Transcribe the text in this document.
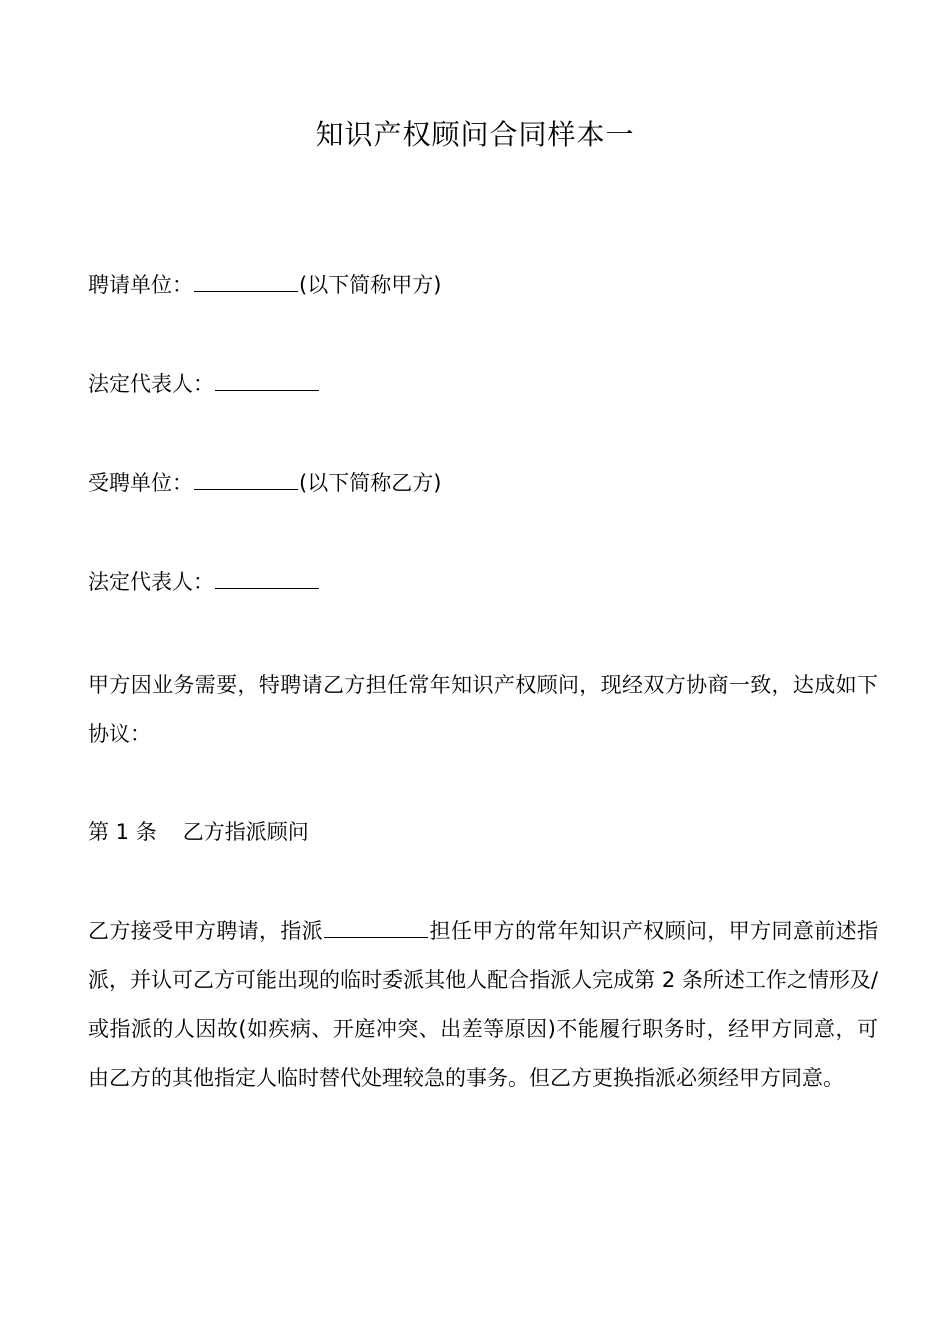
知识产权顾问合同样本一
聘请单位：	(以下简称甲方)
法定代表人：
受聘单位：	(以下简称乙方)
法定代表人：
甲方因业务需要，特聘请乙方担任常年知识产权顾问，现经双方协商一致，达成如下协议：
第 1 条 乙方指派顾问
乙方接受甲方聘请，指派	担任甲方的常年知识产权顾问，甲方同意前述指派，并认可乙方可能出现的临时委派其他人配合指派人完成第 2 条所述工作之情形及/或指派的人因故(如疾病、开庭冲突、出差等原因)不能履行职务时，经甲方同意，可由乙方的其他指定人临时替代处理较急的事务。但乙方更换指派必须经甲方同意。
